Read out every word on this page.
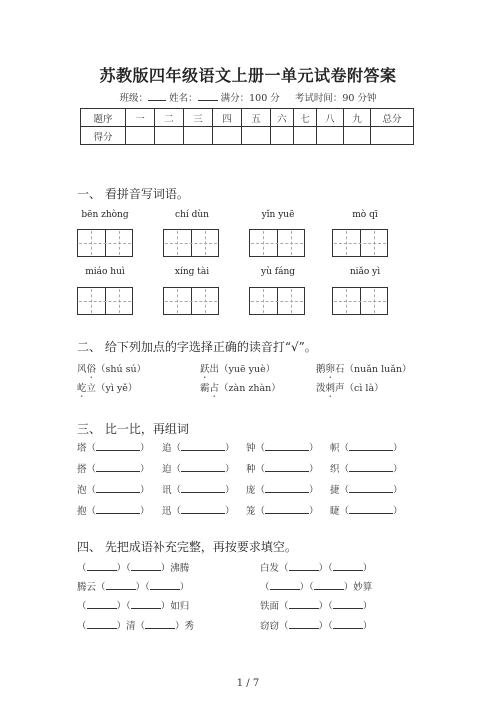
苏教版四年级语文上册一单元试卷附答案
班级： 姓名： 满分：100 分 考试时间：90 分钟
题序	一	二	三	四	五	六	七	八	九	总分
得分										
一、 看拼音写词语。
bēn zhòng	chí dùn	yǐn yuē	mò qī
miáo huì	xíng tài	yù fáng	niǎo yì
二、 给下列加点的字选择正确的读音打“√”。
风俗（shú sú）	跃出（yuē yuè）	鹅卵石（nuǎn luǎn）
屹立（yì yě）	霸占（zàn zhàn）	泼刺声（cì là）
三、 比一比，再组词
塔（	） 追（	） 钟（	） 帜（	）
搭（	） 迫（	） 种（	） 织（	）
泡（	） 讯（	） 庞（	） 捷（	）
抱（	） 迅（	） 笼（	） 睫（	）
四、 先把成语补充完整，再按要求填空。
（	）（	）沸腾
腾云（	）（	）
（	）（	）如归
（	）清（	）秀
白发（	）（	）
（	）（	）妙算
铁面（	）（	）
窃窃（	）（	）
1 / 7
